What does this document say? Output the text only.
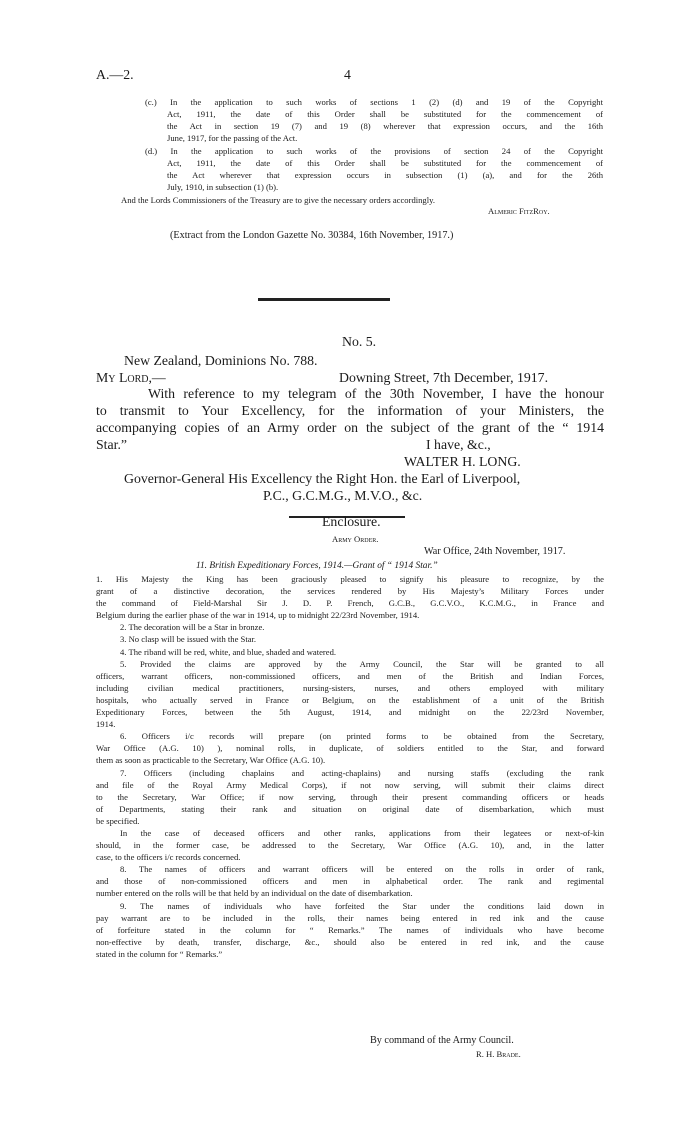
A.—2.	4
(c.) In the application to such works of sections 1 (2) (d) and 19 of the Copyright
Act, 1911, the date of this Order shall be substituted for the commencement of
the Act in section 19 (7) and 19 (8) wherever that expression occurs, and the 16th
June, 1917, for the passing of the Act.
(d.) In the application to such works of the provisions of section 24 of the Copyright
Act, 1911, the date of this Order shall be substituted for the commencement of
the Act wherever that expression occurs in subsection (1) (a), and for the 26th
July, 1910, in subsection (1) (b).
And the Lords Commissioners of the Treasury are to give the necessary orders accordingly.
Almeric FitzRoy.
(Extract from the London Gazette No. 30384, 16th November, 1917.)
No. 5.
New Zealand, Dominions No. 788.
My Lord,—	Downing Street, 7th December, 1917.
With reference to my telegram of the 30th November, I have the honour
to transmit to Your Excellency, for the information of your Ministers, the
accompanying copies of an Army order on the subject of the grant of the “ 1914
Star.”	I have, &c.,
WALTER H. LONG.
Governor-General His Excellency the Right Hon. the Earl of Liverpool,
P.C., G.C.M.G., M.V.O., &c.
Enclosure.
Army Order.
War Office, 24th November, 1917.
11. British Expeditionary Forces, 1914.—Grant of “ 1914 Star.”
1. His Majesty the King has been graciously pleased to signify his pleasure to recognize, by the
grant of a distinctive decoration, the services rendered by His Majesty’s Military Forces under
the command of Field-Marshal Sir J. D. P. French, G.C.B., G.C.V.O., K.C.M.G., in France and
Belgium during the earlier phase of the war in 1914, up to midnight 22/23rd November, 1914.
2. The decoration will be a Star in bronze.
3. No clasp will be issued with the Star.
4. The riband will be red, white, and blue, shaded and watered.
5. Provided the claims are approved by the Army Council, the Star will be granted to all
officers, warrant officers, non-commissioned officers, and men of the British and Indian Forces,
including civilian medical practitioners, nursing-sisters, nurses, and others employed with military
hospitals, who actually served in France or Belgium, on the establishment of a unit of the British
Expeditionary Forces, between the 5th August, 1914, and midnight on the 22/23rd November,
1914.
6. Officers i/c records will prepare (on printed forms to be obtained from the Secretary,
War Office (A.G. 10) ), nominal rolls, in duplicate, of soldiers entitled to the Star, and forward
them as soon as practicable to the Secretary, War Office (A.G. 10).
7. Officers (including chaplains and acting-chaplains) and nursing staffs (excluding the rank
and file of the Royal Army Medical Corps), if not now serving, will submit their claims direct
to the Secretary, War Office; if now serving, through their present commanding officers or heads
of Departments, stating their rank and situation on original date of disembarkation, which must
be specified.
In the case of deceased officers and other ranks, applications from their legatees or next-of-kin
should, in the former case, be addressed to the Secretary, War Office (A.G. 10), and, in the latter
case, to the officers i/c records concerned.
8. The names of officers and warrant officers will be entered on the rolls in order of rank,
and those of non-commissioned officers and men in alphabetical order. The rank and regimental
number entered on the rolls will be that held by an individual on the date of disembarkation.
9. The names of individuals who have forfeited the Star under the conditions laid down in
pay warrant are to be included in the rolls, their names being entered in red ink and the cause
of forfeiture stated in the column for “ Remarks.” The names of individuals who have become
non-effective by death, transfer, discharge, &c., should also be entered in red ink, and the cause
stated in the column for “ Remarks.”
By command of the Army Council.
R. H. Brade.
